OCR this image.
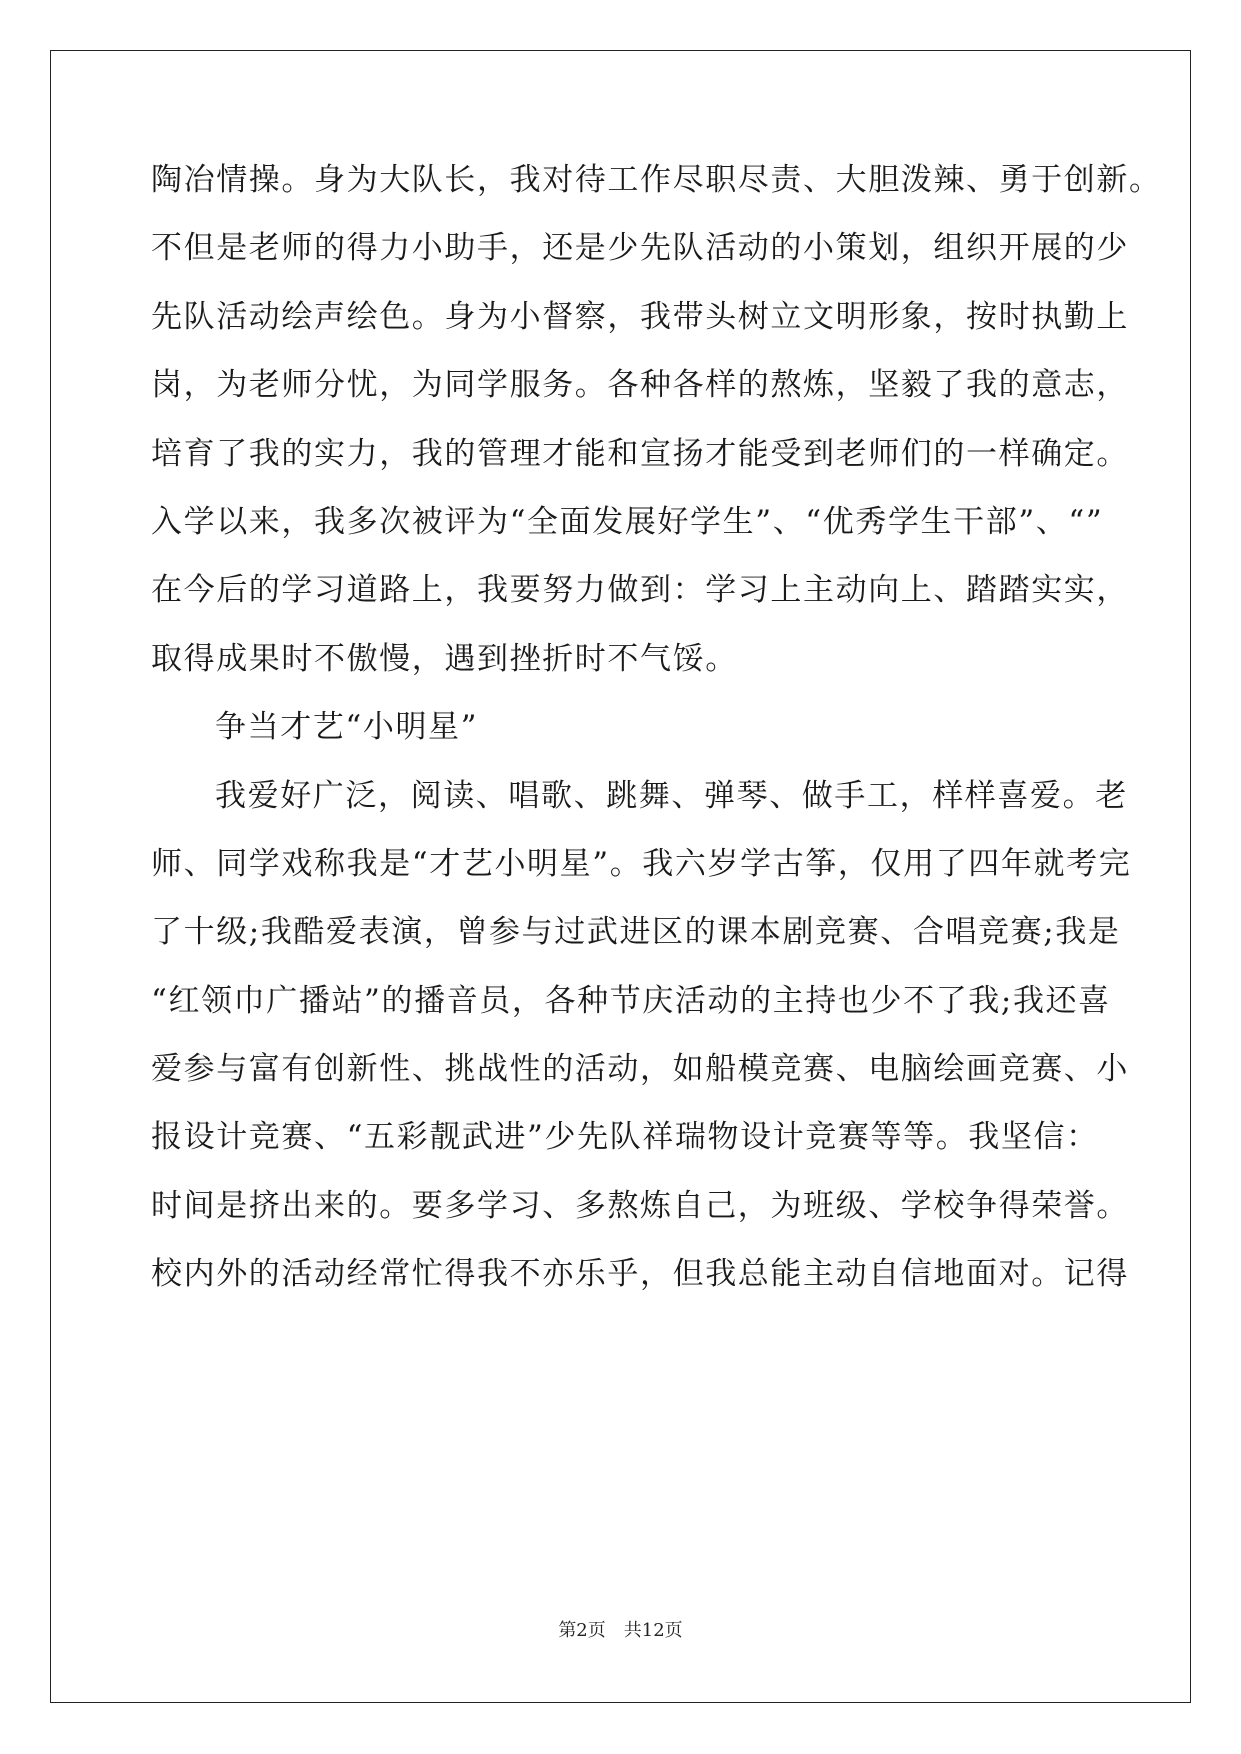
陶冶情操。身为大队长，我对待工作尽职尽责、大胆泼辣、勇于创新。
不但是老师的得力小助手，还是少先队活动的小策划，组织开展的少
先队活动绘声绘色。身为小督察，我带头树立文明形象，按时执勤上
岗，为老师分忧，为同学服务。各种各样的熬炼，坚毅了我的意志，
培育了我的实力，我的管理才能和宣扬才能受到老师们的一样确定。
入学以来，我多次被评为“全面发展好学生”、“优秀学生干部”、“”
在今后的学习道路上，我要努力做到：学习上主动向上、踏踏实实，
取得成果时不傲慢，遇到挫折时不气馁。
争当才艺“小明星”
我爱好广泛，阅读、唱歌、跳舞、弹琴、做手工，样样喜爱。老
师、同学戏称我是“才艺小明星”。我六岁学古筝，仅用了四年就考完
了十级;我酷爱表演，曾参与过武进区的课本剧竞赛、合唱竞赛;我是
“红领巾广播站”的播音员，各种节庆活动的主持也少不了我;我还喜
爱参与富有创新性、挑战性的活动，如船模竞赛、电脑绘画竞赛、小
报设计竞赛、“五彩靓武进”少先队祥瑞物设计竞赛等等。我坚信：
时间是挤出来的。要多学习、多熬炼自己，为班级、学校争得荣誉。
校内外的活动经常忙得我不亦乐乎，但我总能主动自信地面对。记得
第2页 共12页
